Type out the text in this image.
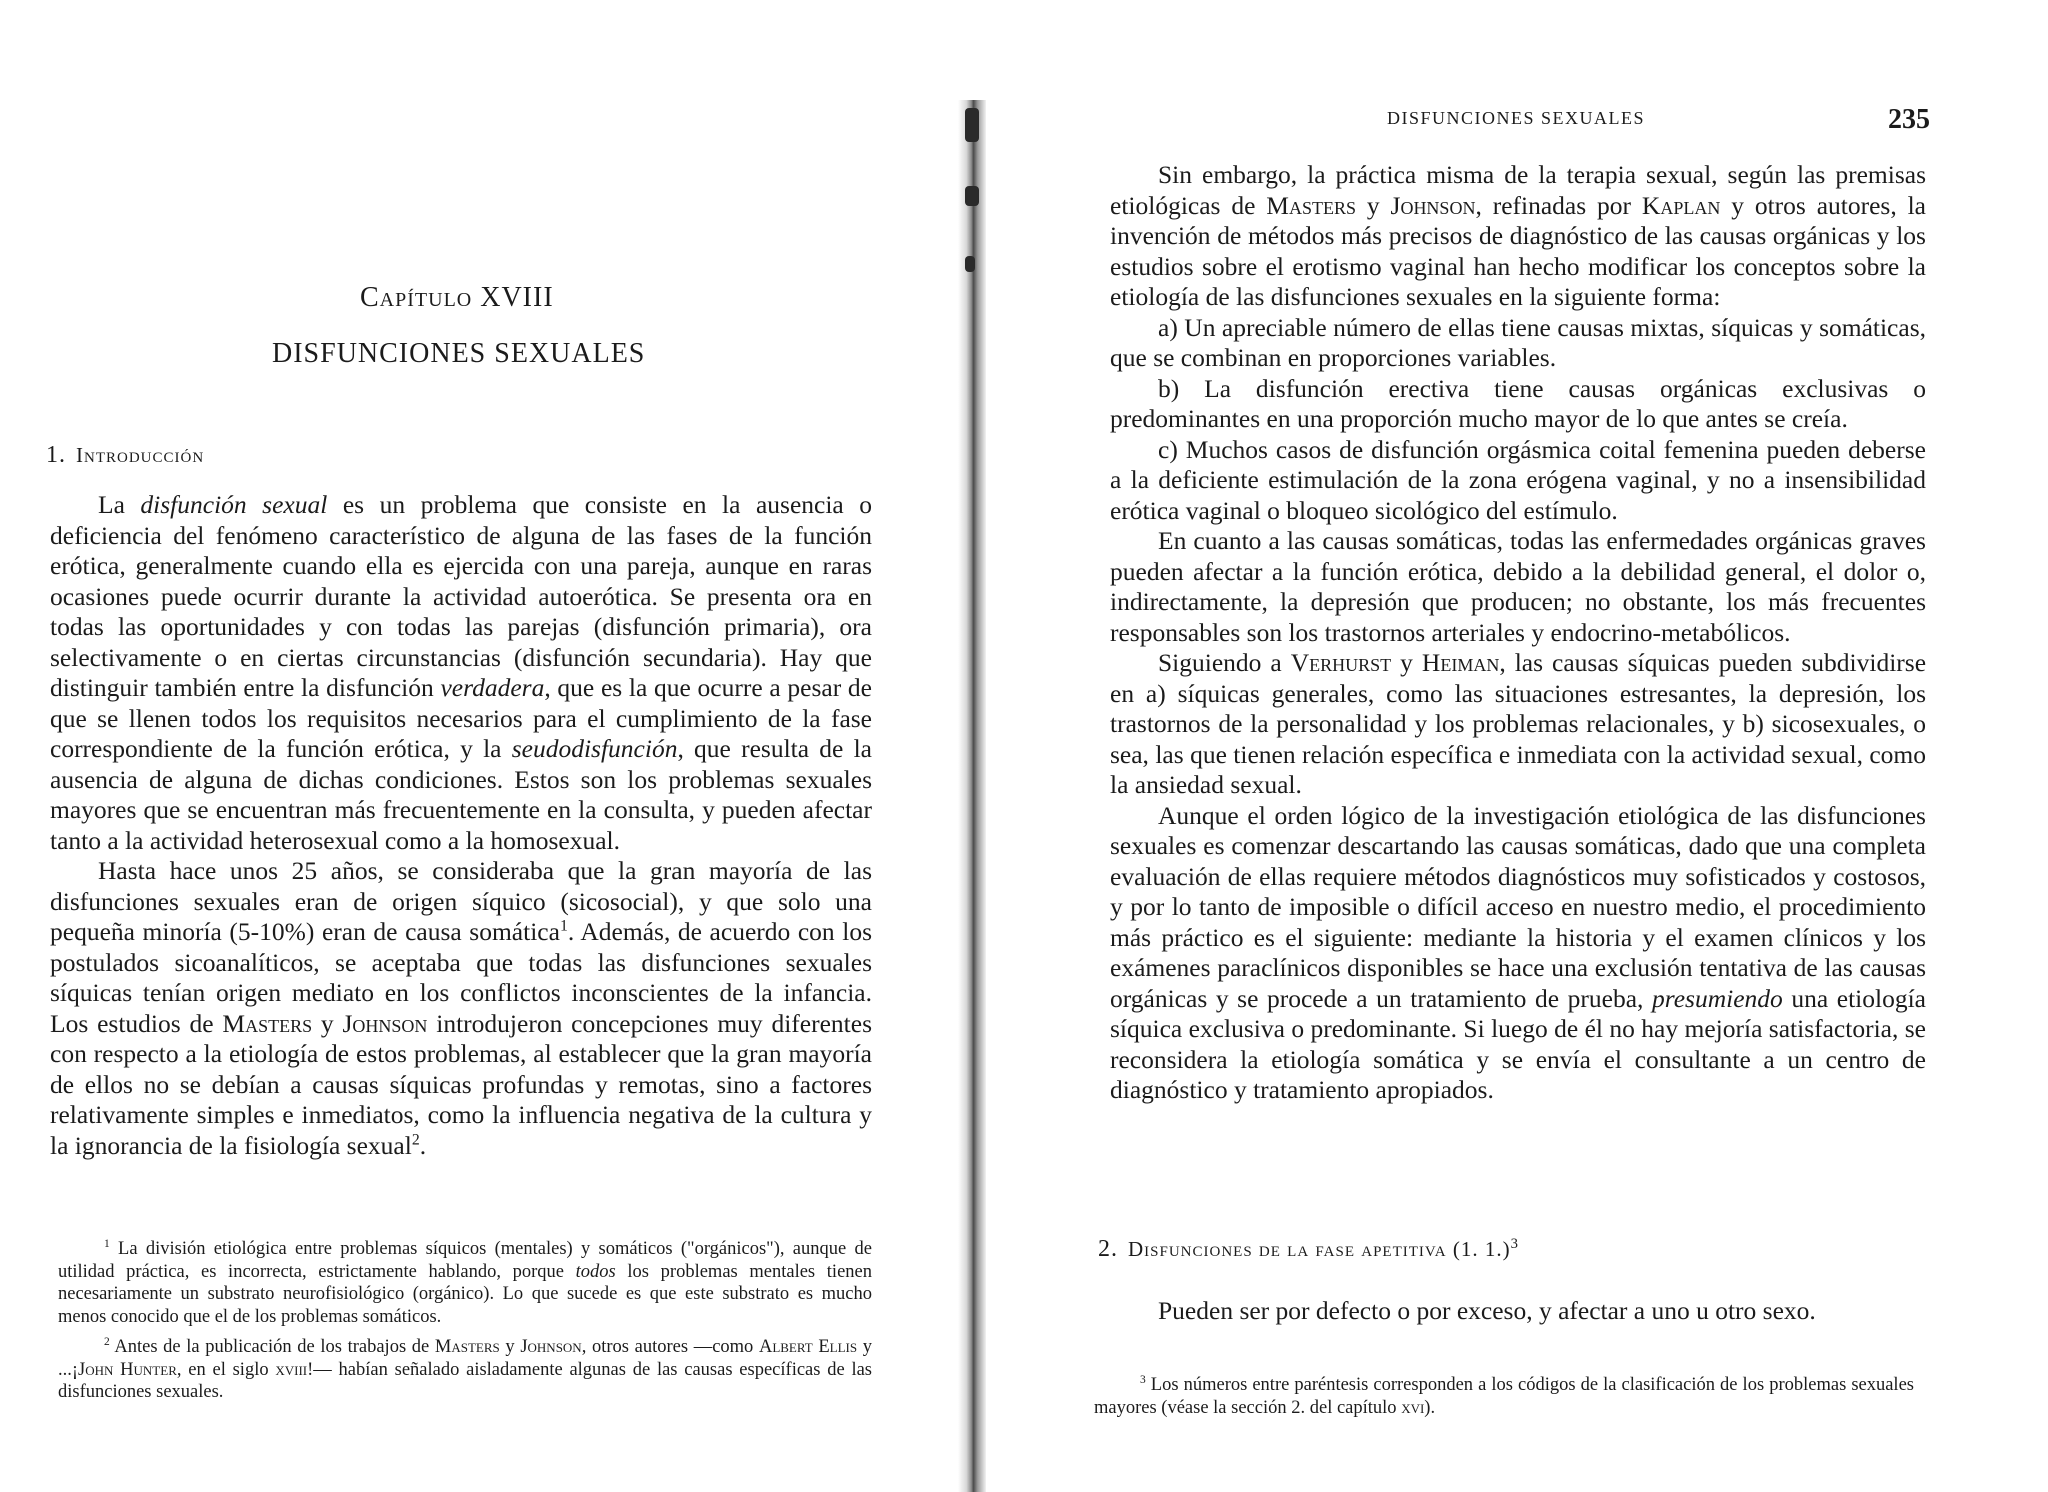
Capítulo XVIII
DISFUNCIONES SEXUALES
1. Introducción

La disfunción sexual es un problema que consiste en la ausencia o deficiencia del fenómeno característico de alguna de las fases de la función erótica, generalmente cuando ella es ejercida con una pareja, aunque en raras ocasiones puede ocurrir durante la actividad autoerótica. Se presenta ora en todas las oportunidades y con todas las parejas (disfunción primaria), ora selectivamente o en ciertas circunstancias (disfunción secundaria). Hay que distinguir también entre la disfunción verdadera, que es la que ocurre a pesar de que se llenen todos los requisitos necesarios para el cumplimiento de la fase correspondiente de la función erótica, y la seudodisfunción, que resulta de la ausencia de alguna de dichas condiciones. Estos son los problemas sexuales mayores que se encuentran más frecuentemente en la consulta, y pueden afectar tanto a la actividad heterosexual como a la homosexual.

Hasta hace unos 25 años, se consideraba que la gran mayoría de las disfunciones sexuales eran de origen síquico (sicosocial), y que solo una pequeña minoría (5-10%) eran de causa somática$^1$. Además, de acuerdo con los postulados sicoanalíticos, se aceptaba que todas las disfunciones sexuales síquicas tenían origen mediato en los conflictos inconscientes de la infancia. Los estudios de Masters y Johnson introdujeron concepciones muy diferentes con respecto a la etiología de estos problemas, al establecer que la gran mayoría de ellos no se debían a causas síquicas profundas y remotas, sino a factores relativamente simples e inmediatos, como la influencia negativa de la cultura y la ignorancia de la fisiología sexual$^2$.

$^1$ La división etiológica entre problemas síquicos (mentales) y somáticos ("orgánicos"), aunque de utilidad práctica, es incorrecta, estrictamente hablando, porque todos los problemas mentales tienen necesariamente un substrato neurofisiológico (orgánico). Lo que sucede es que este substrato es mucho menos conocido que el de los problemas somáticos.

$^2$ Antes de la publicación de los trabajos de Masters y Johnson, otros autores —como Albert Ellis y ...¡John Hunter, en el siglo xviii!— habían señalado aisladamente algunas de las causas específicas de las disfunciones sexuales.

DISFUNCIONES SEXUALES	235

Sin embargo, la práctica misma de la terapia sexual, según las premisas etiológicas de Masters y Johnson, refinadas por Kaplan y otros autores, la invención de métodos más precisos de diagnóstico de las causas orgánicas y los estudios sobre el erotismo vaginal han hecho modificar los conceptos sobre la etiología de las disfunciones sexuales en la siguiente forma:

a) Un apreciable número de ellas tiene causas mixtas, síquicas y somáticas, que se combinan en proporciones variables.

b) La disfunción erectiva tiene causas orgánicas exclusivas o predominantes en una proporción mucho mayor de lo que antes se creía.

c) Muchos casos de disfunción orgásmica coital femenina pueden deberse a la deficiente estimulación de la zona erógena vaginal, y no a insensibilidad erótica vaginal o bloqueo sicológico del estímulo.

En cuanto a las causas somáticas, todas las enfermedades orgánicas graves pueden afectar a la función erótica, debido a la debilidad general, el dolor o, indirectamente, la depresión que producen; no obstante, los más frecuentes responsables son los trastornos arteriales y endocrino-metabólicos.

Siguiendo a Verhurst y Heiman, las causas síquicas pueden subdividirse en a) síquicas generales, como las situaciones estresantes, la depresión, los trastornos de la personalidad y los problemas relacionales, y b) sicosexuales, o sea, las que tienen relación específica e inmediata con la actividad sexual, como la ansiedad sexual.

Aunque el orden lógico de la investigación etiológica de las disfunciones sexuales es comenzar descartando las causas somáticas, dado que una completa evaluación de ellas requiere métodos diagnósticos muy sofisticados y costosos, y por lo tanto de imposible o difícil acceso en nuestro medio, el procedimiento más práctico es el siguiente: mediante la historia y el examen clínicos y los exámenes paraclínicos disponibles se hace una exclusión tentativa de las causas orgánicas y se procede a un tratamiento de prueba, presumiendo una etiología síquica exclusiva o predominante. Si luego de él no hay mejoría satisfactoria, se reconsidera la etiología somática y se envía el consultante a un centro de diagnóstico y tratamiento apropiados.

2. Disfunciones de la fase apetitiva (1. 1.)$^3$

Pueden ser por defecto o por exceso, y afectar a uno u otro sexo.

$^3$ Los números entre paréntesis corresponden a los códigos de la clasificación de los problemas sexuales mayores (véase la sección 2. del capítulo xvi).
